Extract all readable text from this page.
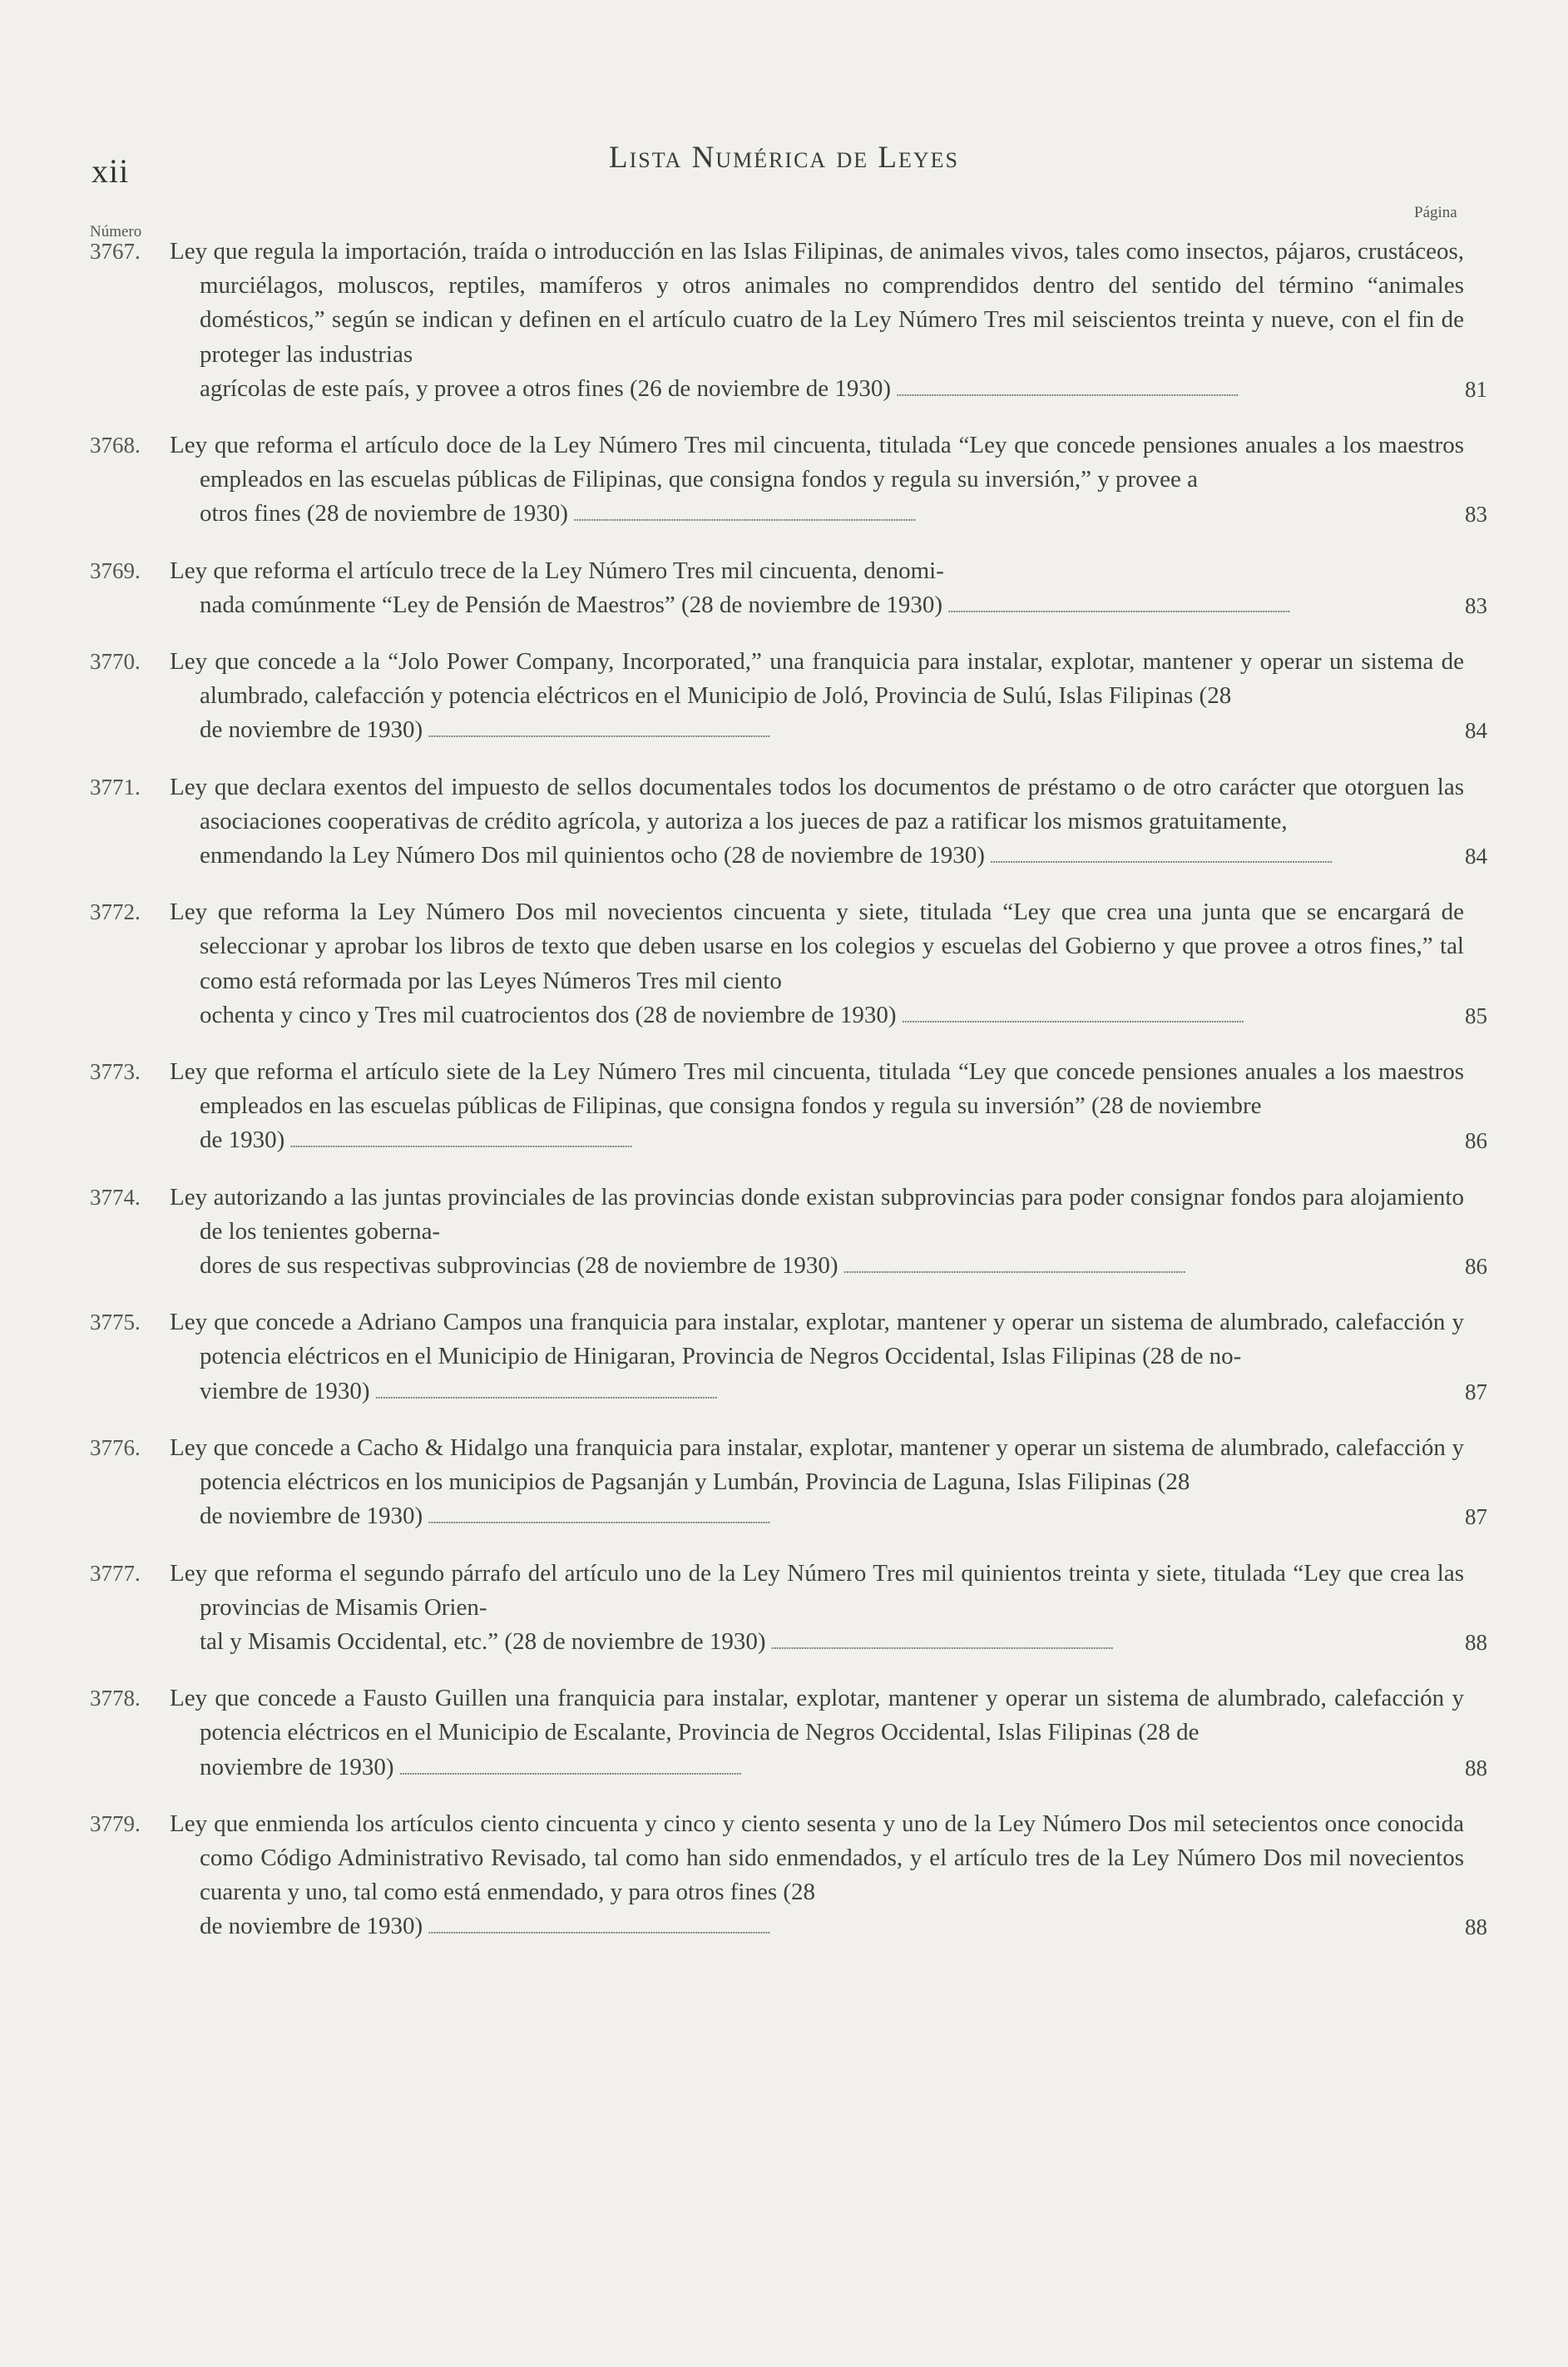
xii	Lista Numérica de Leyes
Número
Página
3767. Ley que regula la importación, traída o introducción en las Islas Filipinas, de animales vivos, tales como insectos, pájaros, crustáceos, murciélagos, moluscos, reptiles, mamíferos y otros animales no comprendidos dentro del sentido del término “animales domésticos,” según se indican y definen en el artículo cuatro de la Ley Número Tres mil seiscientos treinta y nueve, con el fin de proteger las industrias
agrícolas de este país, y provee a otros fines (26 de noviembre de 1930) . . .	81
3768. Ley que reforma el artículo doce de la Ley Número Tres mil cincuenta, titulada “Ley que concede pensiones anuales a los maestros empleados en las escuelas públicas de Filipinas, que consigna fondos y regula su inversión,” y provee a
otros fines (28 de noviembre de 1930) . . .	83
3769. Ley que reforma el artículo trece de la Ley Número Tres mil cincuenta, denomi-
nada comúnmente “Ley de Pensión de Maestros” (28 de noviembre de 1930) . . .	83
3770. Ley que concede a la “Jolo Power Company, Incorporated,” una franquicia para instalar, explotar, mantener y operar un sistema de alumbrado, calefacción y potencia eléctricos en el Municipio de Joló, Provincia de Sulú, Islas Filipinas (28
de noviembre de 1930) . . .	84
3771. Ley que declara exentos del impuesto de sellos documentales todos los documentos de préstamo o de otro carácter que otorguen las asociaciones cooperativas de crédito agrícola, y autoriza a los jueces de paz a ratificar los mismos gratuitamente,
enmendando la Ley Número Dos mil quinientos ocho (28 de noviembre de 1930) . . .	84
3772. Ley que reforma la Ley Número Dos mil novecientos cincuenta y siete, titulada “Ley que crea una junta que se encargará de seleccionar y aprobar los libros de texto que deben usarse en los colegios y escuelas del Gobierno y que provee a otros fines,” tal como está reformada por las Leyes Números Tres mil ciento
ochenta y cinco y Tres mil cuatrocientos dos (28 de noviembre de 1930) . . .	85
3773. Ley que reforma el artículo siete de la Ley Número Tres mil cincuenta, titulada “Ley que concede pensiones anuales a los maestros empleados en las escuelas públicas de Filipinas, que consigna fondos y regula su inversión” (28 de noviembre
de 1930) . . .	86
3774. Ley autorizando a las juntas provinciales de las provincias donde existan subprovincias para poder consignar fondos para alojamiento de los tenientes goberna-
dores de sus respectivas subprovincias (28 de noviembre de 1930) . . .	86
3775. Ley que concede a Adriano Campos una franquicia para instalar, explotar, mantener y operar un sistema de alumbrado, calefacción y potencia eléctricos en el Municipio de Hinigaran, Provincia de Negros Occidental, Islas Filipinas (28 de no-
viembre de 1930) . . .	87
3776. Ley que concede a Cacho & Hidalgo una franquicia para instalar, explotar, mantener y operar un sistema de alumbrado, calefacción y potencia eléctricos en los municipios de Pagsanján y Lumbán, Provincia de Laguna, Islas Filipinas (28
de noviembre de 1930) . . .	87
3777. Ley que reforma el segundo párrafo del artículo uno de la Ley Número Tres mil quinientos treinta y siete, titulada “Ley que crea las provincias de Misamis Orien-
tal y Misamis Occidental, etc.” (28 de noviembre de 1930) . . .	88
3778. Ley que concede a Fausto Guillen una franquicia para instalar, explotar, mantener y operar un sistema de alumbrado, calefacción y potencia eléctricos en el Municipio de Escalante, Provincia de Negros Occidental, Islas Filipinas (28 de
noviembre de 1930) . . .	88
3779. Ley que enmienda los artículos ciento cincuenta y cinco y ciento sesenta y uno de la Ley Número Dos mil setecientos once conocida como Código Administrativo Revisado, tal como han sido enmendados, y el artículo tres de la Ley Número Dos mil novecientos cuarenta y uno, tal como está enmendado, y para otros fines (28
de noviembre de 1930) . . .	88
